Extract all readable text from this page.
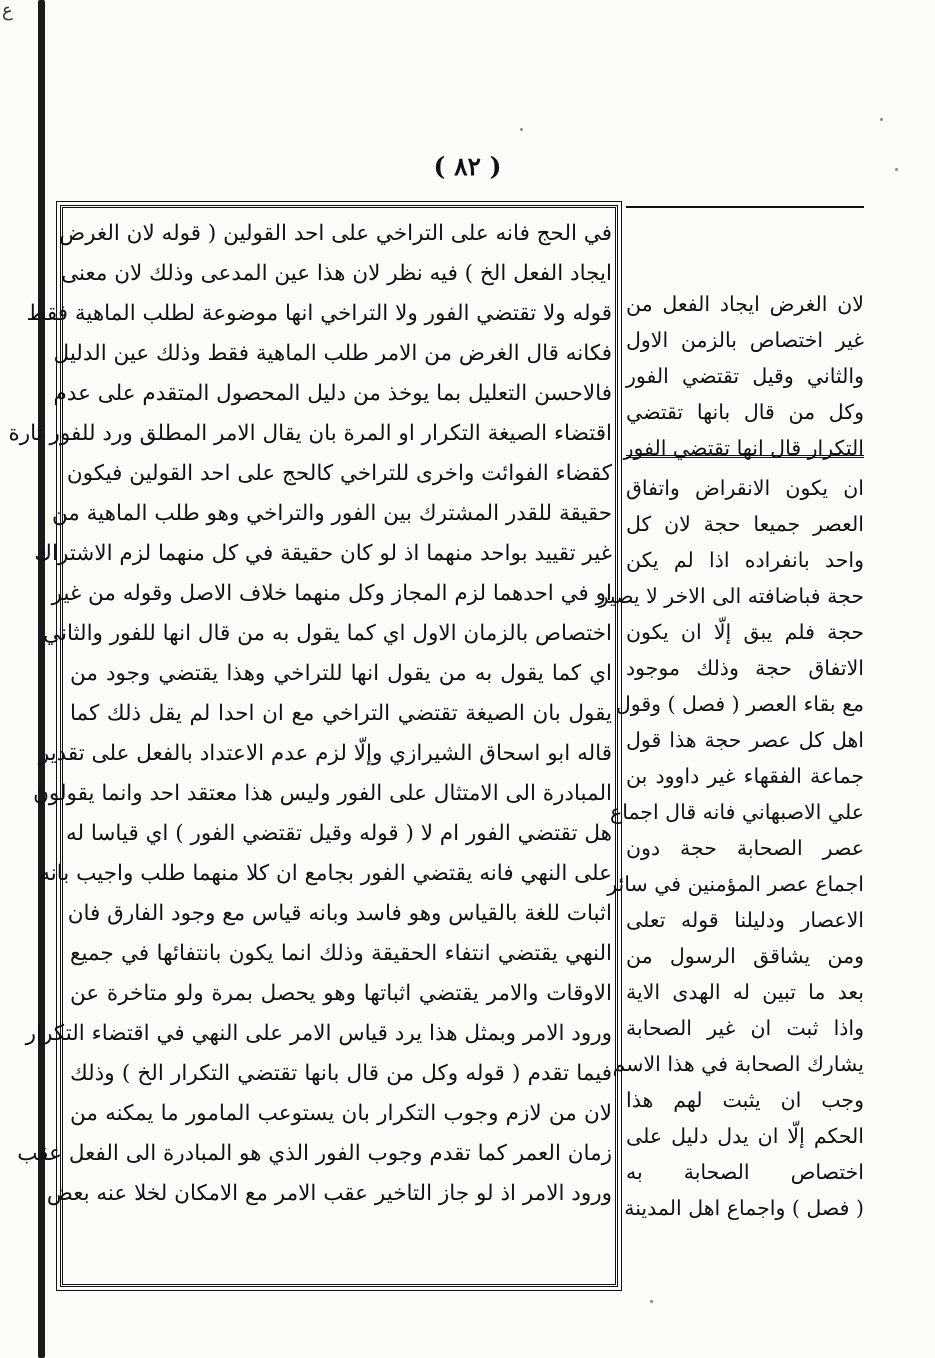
ﻉ
( ٨٢ )
في الحج فانه على التراخي على احد القولين ( قوله لان الغرض
ايجاد الفعل الخ ) فيه نظر لان هذا عين المدعى وذلك لان معنى
قوله ولا تقتضي الفور ولا التراخي انها موضوعة لطلب الماهية فقط
فكانه قال الغرض من الامر طلب الماهية فقط وذلك عين الدليل
فالاحسن التعليل بما يوخذ من دليل المحصول المتقدم على عدم
اقتضاء الصيغة التكرار او المرة بان يقال الامر المطلق ورد للفور تارة
كقضاء الفوائت واخرى للتراخي كالحج على احد القولين فيكون
حقيقة للقدر المشترك بين الفور والتراخي وهو طلب الماهية من
غير تقييد بواحد منهما اذ لو كان حقيقة في كل منهما لزم الاشتراك
او في احدهما لزم المجاز وكل منهما خلاف الاصل وقوله من غير
اختصاص بالزمان الاول اي كما يقول به من قال انها للفور والثاني
اي كما يقول به من يقول انها للتراخي وهذا يقتضي وجود من
يقول بان الصيغة تقتضي التراخي مع ان احدا لم يقل ذلك كما
قاله ابو اسحاق الشيرازي وإلّا لزم عدم الاعتداد بالفعل على تقدير
المبادرة الى الامتثال على الفور وليس هذا معتقد احد وانما يقولون
هل تقتضي الفور ام لا ( قوله وقيل تقتضي الفور ) اي قياسا له
على النهي فانه يقتضي الفور بجامع ان كلا منهما طلب واجيب بانه
اثبات للغة بالقياس وهو فاسد وبانه قياس مع وجود الفارق فان
النهي يقتضي انتفاء الحقيقة وذلك انما يكون بانتفائها في جميع
الاوقات والامر يقتضي اثباتها وهو يحصل بمرة ولو متاخرة عن
ورود الامر وبمثل هذا يرد قياس الامر على النهي في اقتضاء التكرار
فيما تقدم ( قوله وكل من قال بانها تقتضي التكرار الخ ) وذلك
لان من لازم وجوب التكرار بان يستوعب المامور ما يمكنه من
زمان العمر كما تقدم وجوب الفور الذي هو المبادرة الى الفعل عقب
ورود الامر اذ لو جاز التاخير عقب الامر مع الامكان لخلا عنه بعض
لان الغرض ايجاد الفعل من
غير اختصاص بالزمن الاول
والثاني وقيل تقتضي الفور
وكل من قال بانها تقتضي
التكرار قال انها تقتضي الفور
ان يكون الانقراض واتفاق
العصر جميعا حجة لان كل
واحد بانفراده اذا لم يكن
حجة فباضافته الى الاخر لا يصير
حجة فلم يبق إلّا ان يكون
الاتفاق حجة وذلك موجود
مع بقاء العصر ( فصل ) وقول
اهل كل عصر حجة هذا قول
جماعة الفقهاء غير داوود بن
علي الاصبهاني فانه قال اجماع
عصر الصحابة حجة دون
اجماع عصر المؤمنين في سائر
الاعصار ودليلنا قوله تعلى
ومن يشاقق الرسول من
بعد ما تبين له الهدى الاية
واذا ثبت ان غير الصحابة
يشارك الصحابة في هذا الاسم
وجب ان يثبت لهم هذا
الحكم إلّا ان يدل دليل على
اختصاص الصحابة به
( فصل ) واجماع اهل المدينة
